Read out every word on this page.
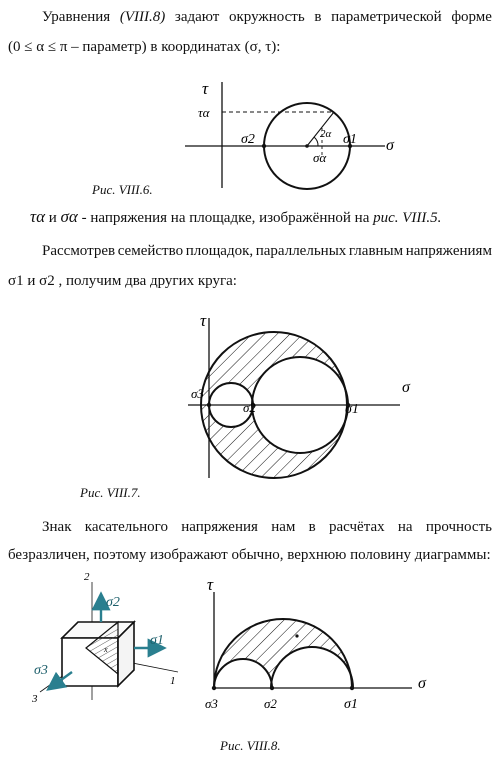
Уравнения (VIII.8) задают окружность в параметрической форме
(0 ≤ α ≤ π – параметр) в координатах (σ, τ):
τ
σ
τα
σ2	σ1
2α
σα
Рис. VIII.6.
τα и σα - напряжения на площадке, изображённой на рис. VIII.5.
Рассмотрев семейство площадок, параллельных главным напряжениям
σ1 и σ2 , получим два других круга:
τ
σ
σ3
σ2	σ1
Рис. VIII.7.
Знак касательного напряжения нам в расчётах на прочность
безразличен, поэтому изображают обычно, верхнюю половину диаграммы:
σ2
σ1
σ3
2
1
3
x
τ
σ
σ3	σ2	σ1
Рис. VIII.8.
